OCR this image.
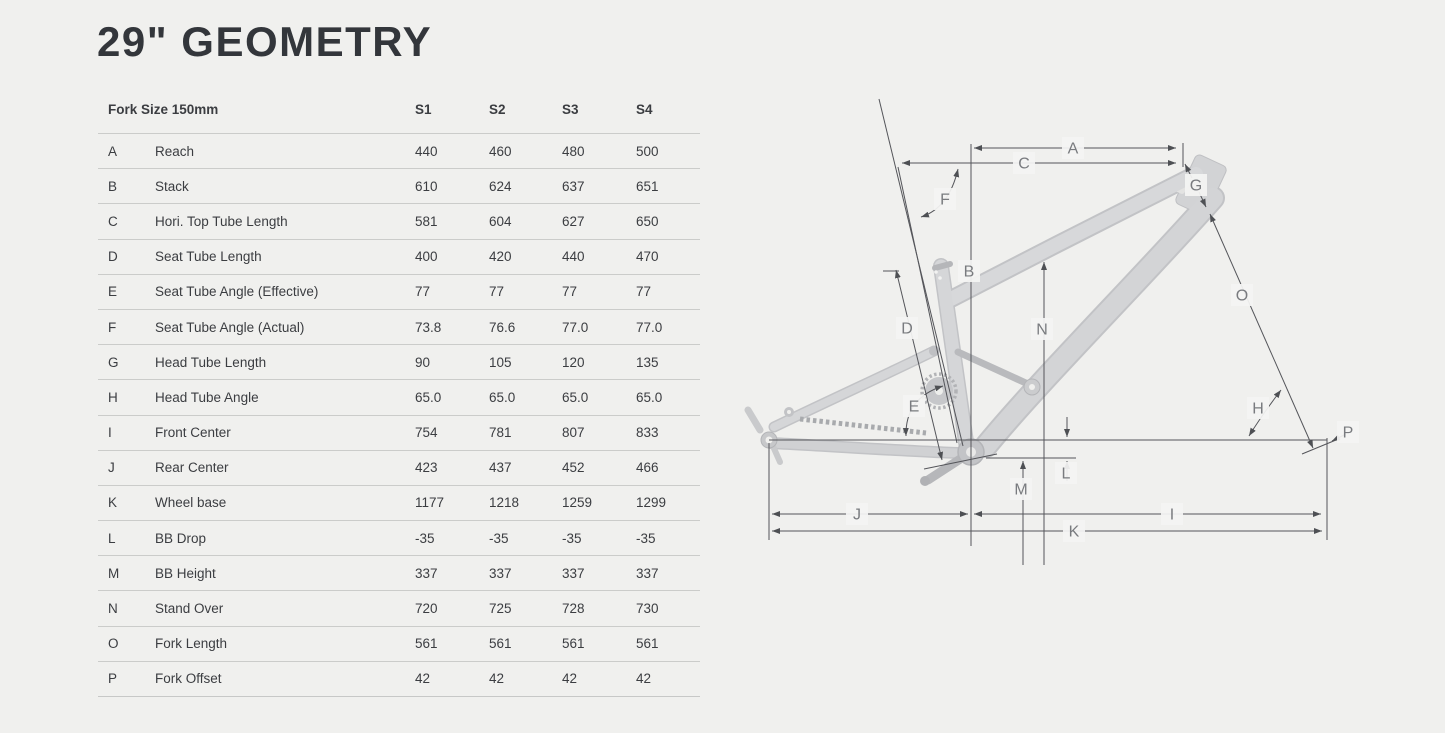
29" GEOMETRY
Fork Size 150mm	S1	S2	S3	S4
A	Reach	440	460	480	500
B	Stack	610	624	637	651
C	Hori. Top Tube Length	581	604	627	650
D	Seat Tube Length	400	420	440	470
E	Seat Tube Angle (Effective)	77	77	77	77
F	Seat Tube Angle (Actual)	73.8	76.6	77.0	77.0
G	Head Tube Length	90	105	120	135
H	Head Tube Angle	65.0	65.0	65.0	65.0
I	Front Center	754	781	807	833
J	Rear Center	423	437	452	466
K	Wheel base	1177	1218	1259	1299
L	BB Drop	-35	-35	-35	-35
M	BB Height	337	337	337	337
N	Stand Over	720	725	728	730
O	Fork Length	561	561	561	561
P	Fork Offset	42	42	42	42
A
C
F
G
B
O
D	N
E	H
P
L
M
J	I
K
